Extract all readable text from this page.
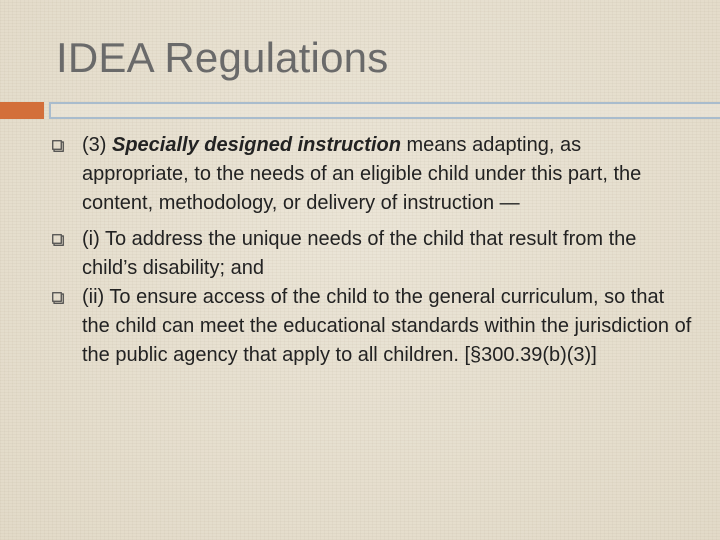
IDEA Regulations
(3) Specially designed instruction means adapting, as appropriate, to the needs of an eligible child under this part, the content, methodology, or delivery of instruction —
(i) To address the unique needs of the child that result from the child’s disability; and
(ii) To ensure access of the child to the general curriculum, so that the child can meet the educational standards within the jurisdiction of the public agency that apply to all children. [§300.39(b)(3)]
